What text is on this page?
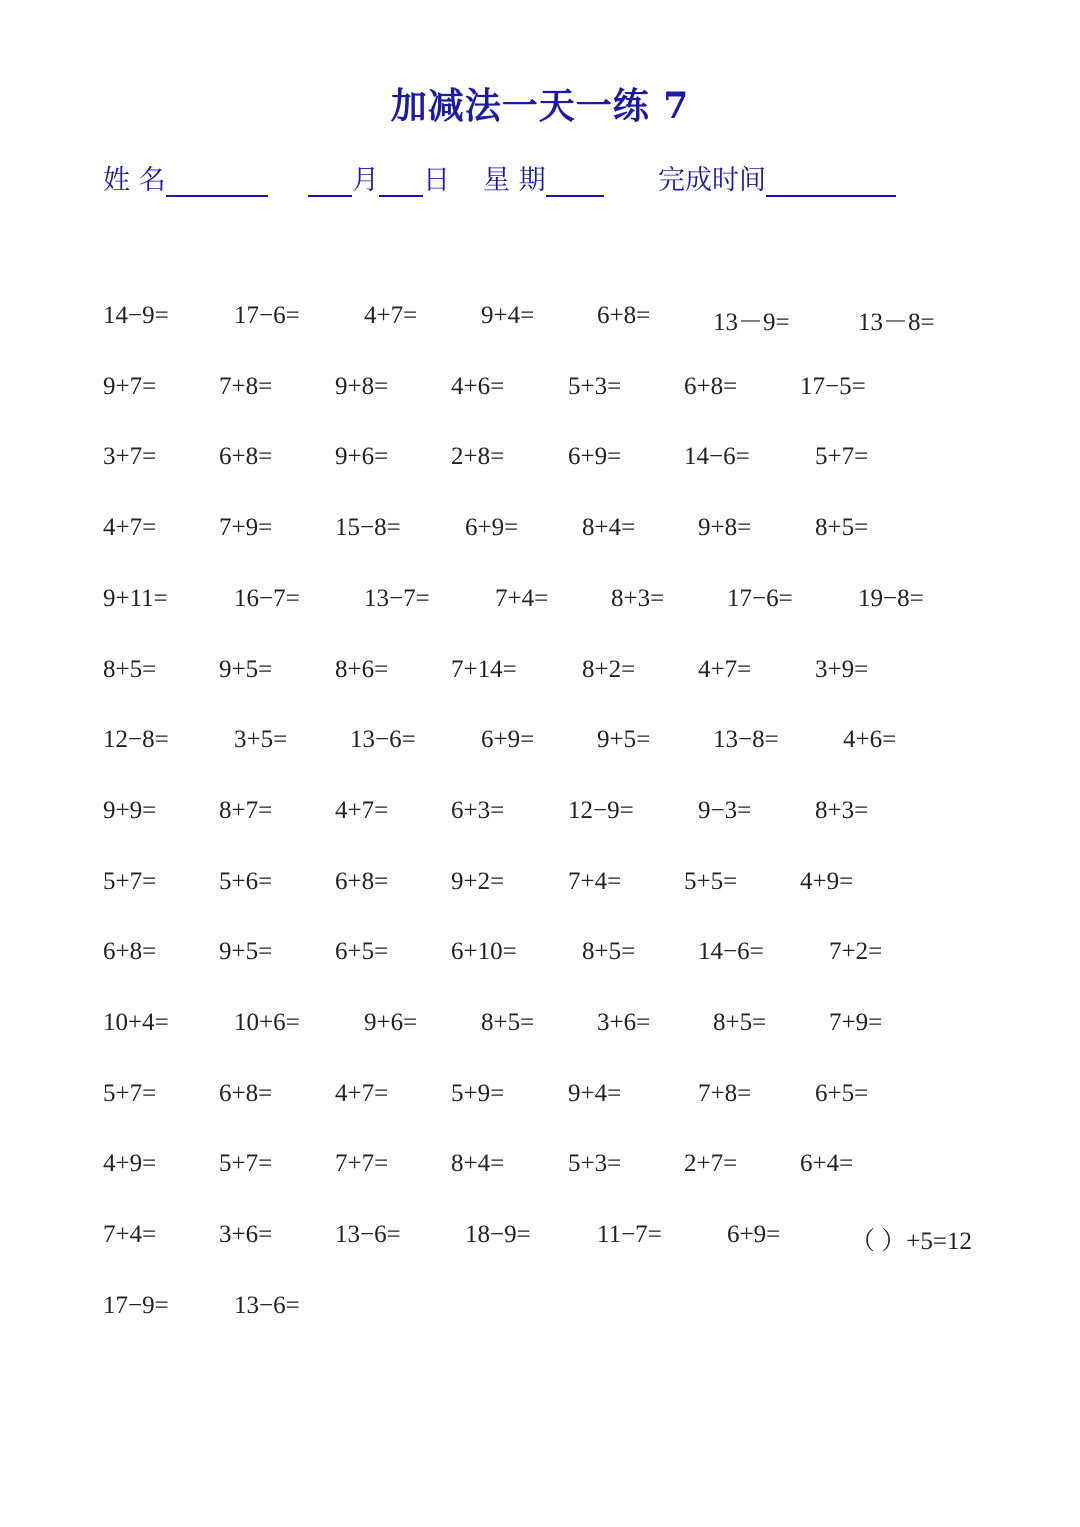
加减法一天一练 7
姓 名	月 日 星 期	完成时间
14−9=	17−6=	4+7=	9+4=	6+8=	13－9=	13－8=
9+7=	7+8=	9+8=	4+6=	5+3=	6+8=	17−5=
3+7=	6+8=	9+6=	2+8=	6+9=	14−6=	5+7=
4+7=	7+9=	15−8=	6+9=	8+4=	9+8=	8+5=
9+11=	16−7=	13−7=	7+4=	8+3=	17−6=	19−8=
8+5=	9+5=	8+6=	7+14=	8+2=	4+7=	3+9=
12−8=	3+5=	13−6=	6+9=	9+5=	13−8=	4+6=
9+9=	8+7=	4+7=	6+3=	12−9=	9−3=	8+3=
5+7=	5+6=	6+8=	9+2=	7+4=	5+5=	4+9=
6+8=	9+5=	6+5=	6+10=	8+5=	14−6=	7+2=
10+4=	10+6=	9+6=	8+5=	3+6=	8+5=	7+9=
5+7=	6+8=	4+7=	5+9=	9+4=	7+8=	6+5=
4+9=	5+7=	7+7=	8+4=	5+3=	2+7=	6+4=
7+4=	3+6=	13−6=	18−9=	11−7=	6+9=	（ ）+5=12
17−9=	13−6=
